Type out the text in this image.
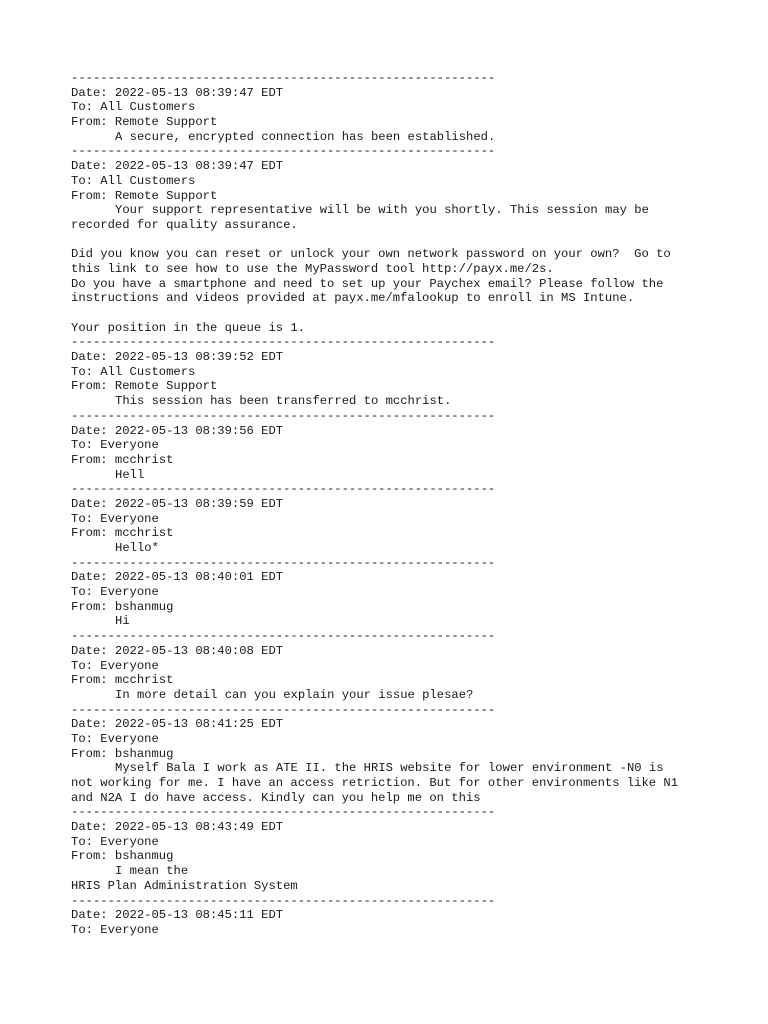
----------------------------------------------------------
Date: 2022-05-13 08:39:47 EDT
To: All Customers
From: Remote Support
A secure, encrypted connection has been established.
----------------------------------------------------------
Date: 2022-05-13 08:39:47 EDT
To: All Customers
From: Remote Support
Your support representative will be with you shortly. This session may be
recorded for quality assurance.
Did you know you can reset or unlock your own network password on your own?  Go to
this link to see how to use the MyPassword tool http://payx.me/2s.
Do you have a smartphone and need to set up your Paychex email? Please follow the
instructions and videos provided at payx.me/mfalookup to enroll in MS Intune.
Your position in the queue is 1.
----------------------------------------------------------
Date: 2022-05-13 08:39:52 EDT
To: All Customers
From: Remote Support
This session has been transferred to mcchrist.
----------------------------------------------------------
Date: 2022-05-13 08:39:56 EDT
To: Everyone
From: mcchrist
Hell
----------------------------------------------------------
Date: 2022-05-13 08:39:59 EDT
To: Everyone
From: mcchrist
Hello*
----------------------------------------------------------
Date: 2022-05-13 08:40:01 EDT
To: Everyone
From: bshanmug
Hi
----------------------------------------------------------
Date: 2022-05-13 08:40:08 EDT
To: Everyone
From: mcchrist
In more detail can you explain your issue plesae?
----------------------------------------------------------
Date: 2022-05-13 08:41:25 EDT
To: Everyone
From: bshanmug
Myself Bala I work as ATE II. the HRIS website for lower environment -N0 is
not working for me. I have an access retriction. But for other environments like N1
and N2A I do have access. Kindly can you help me on this
----------------------------------------------------------
Date: 2022-05-13 08:43:49 EDT
To: Everyone
From: bshanmug
I mean the
HRIS Plan Administration System
----------------------------------------------------------
Date: 2022-05-13 08:45:11 EDT
To: Everyone
